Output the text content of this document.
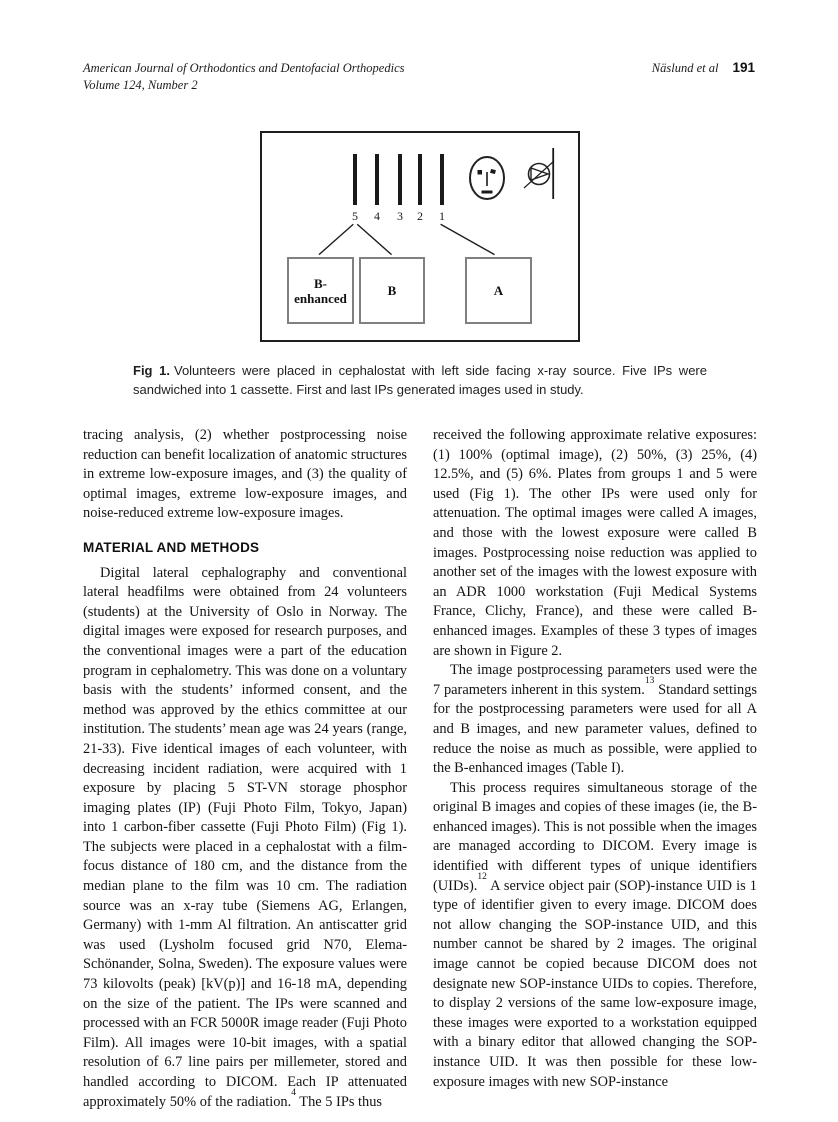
American Journal of Orthodontics and Dentofacial Orthopedics
Volume 124, Number 2
Näslund et al 191
5	4	3	2	1
B-enhanced	B	A
Fig 1. Volunteers were placed in cephalostat with left side facing x-ray source. Five IPs were sandwiched into 1 cassette. First and last IPs generated images used in study.

tracing analysis, (2) whether postprocessing noise reduction can benefit localization of anatomic structures in extreme low-exposure images, and (3) the quality of optimal images, extreme low-exposure images, and noise-reduced extreme low-exposure images.

MATERIAL AND METHODS

Digital lateral cephalography and conventional lateral headfilms were obtained from 24 volunteers (students) at the University of Oslo in Norway. The digital images were exposed for research purposes, and the conventional images were a part of the education program in cephalometry. This was done on a voluntary basis with the students’ informed consent, and the method was approved by the ethics committee at our institution. The students’ mean age was 24 years (range, 21-33). Five identical images of each volunteer, with decreasing incident radiation, were acquired with 1 exposure by placing 5 ST-VN storage phosphor imaging plates (IP) (Fuji Photo Film, Tokyo, Japan) into 1 carbon-fiber cassette (Fuji Photo Film) (Fig 1). The subjects were placed in a cephalostat with a film-focus distance of 180 cm, and the distance from the median plane to the film was 10 cm. The radiation source was an x-ray tube (Siemens AG, Erlangen, Germany) with 1-mm Al filtration. An antiscatter grid was used (Lysholm focused grid N70, Elema-Schönander, Solna, Sweden). The exposure values were 73 kilovolts (peak) [kV(p)] and 16-18 mA, depending on the size of the patient. The IPs were scanned and processed with an FCR 5000R image reader (Fuji Photo Film). All images were 10-bit images, with a spatial resolution of 6.7 line pairs per millemeter, stored and handled according to DICOM. Each IP attenuated approximately 50% of the radiation.$^4$ The 5 IPs thus

received the following approximate relative exposures: (1) 100% (optimal image), (2) 50%, (3) 25%, (4) 12.5%, and (5) 6%. Plates from groups 1 and 5 were used (Fig 1). The other IPs were used only for attenuation. The optimal images were called A images, and those with the lowest exposure were called B images. Postprocessing noise reduction was applied to another set of the images with the lowest exposure with an ADR 1000 workstation (Fuji Medical Systems France, Clichy, France), and these were called B-enhanced images. Examples of these 3 types of images are shown in Figure 2.

The image postprocessing parameters used were the 7 parameters inherent in this system.$^{13}$ Standard settings for the postprocessing parameters were used for all A and B images, and new parameter values, defined to reduce the noise as much as possible, were applied to the B-enhanced images (Table I).

This process requires simultaneous storage of the original B images and copies of these images (ie, the B-enhanced images). This is not possible when the images are managed according to DICOM. Every image is identified with different types of unique identifiers (UIDs).$^{12}$ A service object pair (SOP)-instance UID is 1 type of identifier given to every image. DICOM does not allow changing the SOP-instance UID, and this number cannot be shared by 2 images. The original image cannot be copied because DICOM does not designate new SOP-instance UIDs to copies. Therefore, to display 2 versions of the same low-exposure image, these images were exported to a workstation equipped with a binary editor that allowed changing the SOP-instance UID. It was then possible for these low-exposure images with new SOP-instance
